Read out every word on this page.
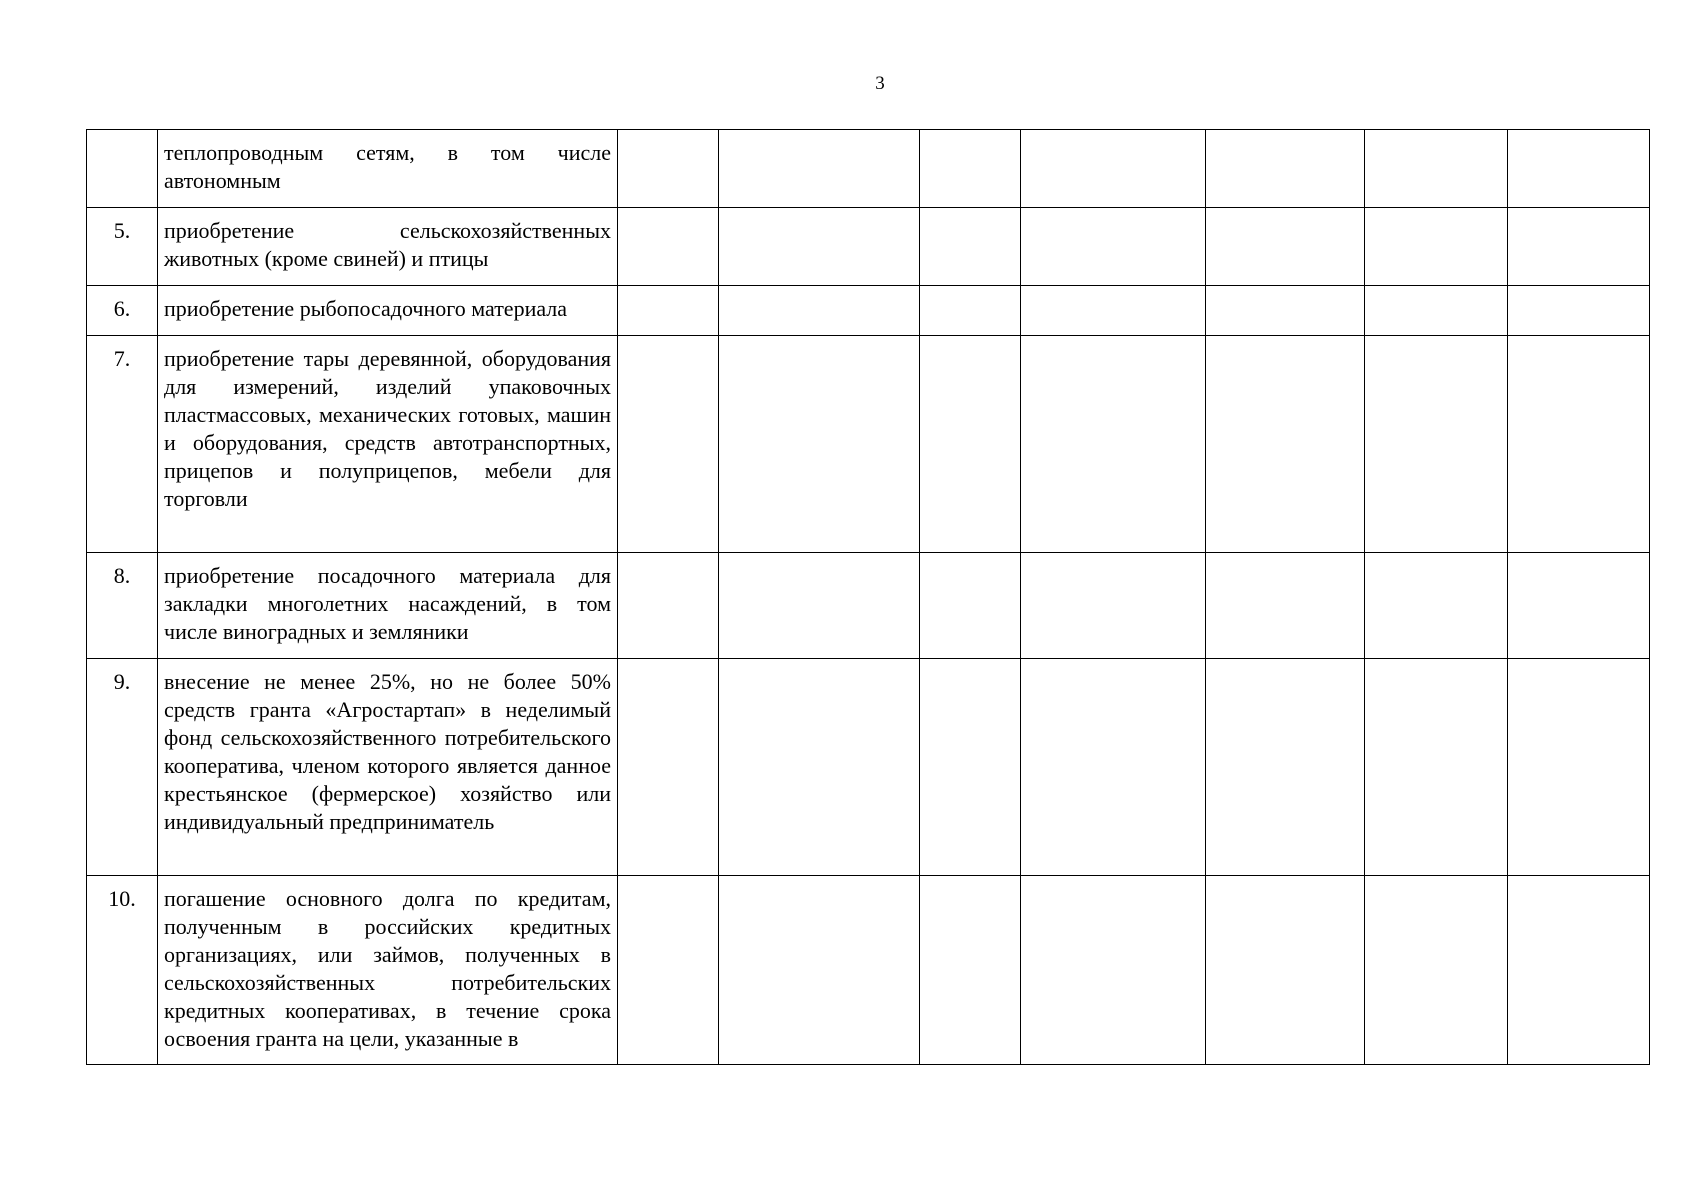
3
	теплопроводным сетям, в том числе автономным							
5.	приобретение сельскохозяйственных животных (кроме свиней) и птицы							
6.	приобретение рыбопосадочного материала							
7.	приобретение тары деревянной, оборудования для измерений, изделий упаковочных пластмассовых, механических готовых, машин и оборудования, средств автотранспортных, прицепов и полуприцепов, мебели для торговли							
8.	приобретение посадочного материала для закладки многолетних насаждений, в том числе виноградных и земляники							
9.	внесение не менее 25%, но не более 50% средств гранта «Агростартап» в неделимый фонд сельскохозяйственного потребительского кооператива, членом которого является данное крестьянское (фермерское) хозяйство или индивидуальный предприниматель							
10.	погашение основного долга по кредитам, полученным в российских кредитных организациях, или займов, полученных в сельскохозяйственных потребительских кредитных кооперативах, в течение срока освоения гранта на цели, указанные в							
